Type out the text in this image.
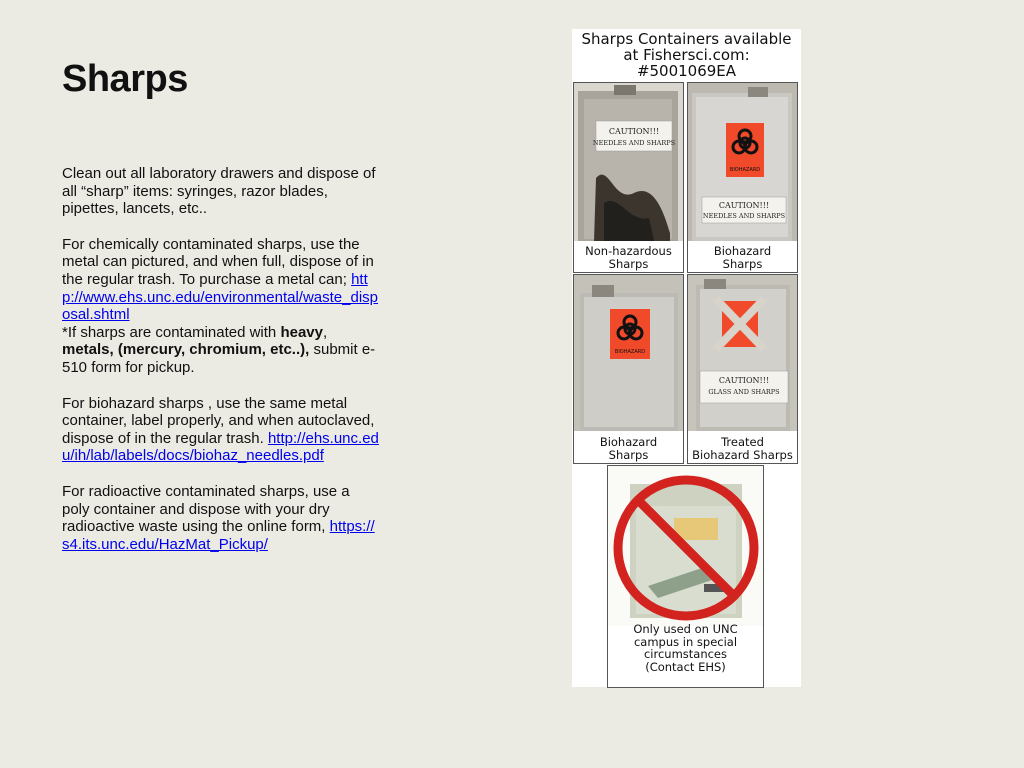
Sharps

Clean out all laboratory drawers and dispose of all “sharp” items: syringes, razor blades, pipettes, lancets, etc..

For chemically contaminated sharps, use the metal can pictured, and when full, dispose of in the regular trash. To purchase a metal can; http://www.ehs.unc.edu/environmental/waste_disposal.shtml

*If sharps are contaminated with heavy, metals, (mercury, chromium, etc..), submit e-510 form for pickup.

For biohazard sharps , use the same metal container, label properly, and when autoclaved, dispose of in the regular trash. http://ehs.unc.edu/ih/lab/labels/docs/biohaz_needles.pdf

For radioactive contaminated sharps, use a poly container and dispose with your dry radioactive waste using the online form, https://s4.its.unc.edu/HazMat_Pickup/

Sharps Containers available
at Fishersci.com:
#5001069EA
CAUTION!!!
NEEDLES AND SHARPS
Non-hazardous
Sharps
BIOHAZARD
CAUTION!!!
NEEDLES AND SHARPS
Biohazard
Sharps
BIOHAZARD
Biohazard
Sharps
CAUTION!!!
GLASS AND SHARPS
Treated
Biohazard Sharps
Only used on UNC
campus in special
circumstances
(Contact EHS)
